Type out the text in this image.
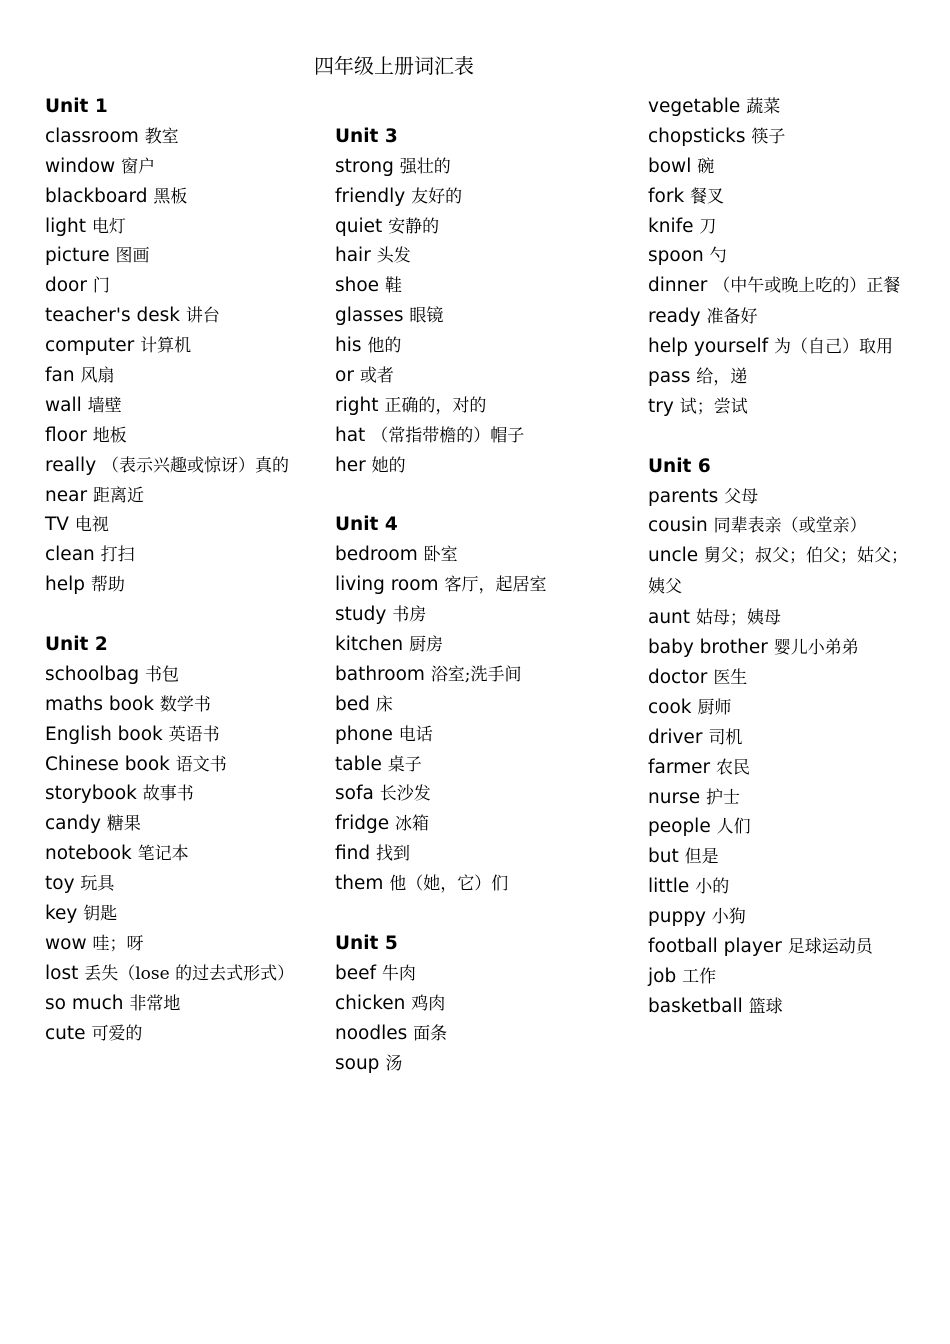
四年级上册词汇表
Unit 1
classroom 教室
window 窗户
blackboard 黑板
light 电灯
picture 图画
door 门
teacher's desk 讲台
computer 计算机
fan 风扇
wall 墙壁
floor 地板
really （表示兴趣或惊讶）真的
near 距离近
TV 电视
clean 打扫
help 帮助
Unit 2
schoolbag 书包
maths book 数学书
English book 英语书
Chinese book 语文书
storybook 故事书
candy 糖果
notebook 笔记本
toy 玩具
key 钥匙
wow 哇；呀
lost 丢失（lose 的过去式形式）
so much 非常地
cute 可爱的
Unit 3
strong 强壮的
friendly 友好的
quiet 安静的
hair 头发
shoe 鞋
glasses 眼镜
his 他的
or 或者
right 正确的，对的
hat （常指带檐的）帽子
her 她的
Unit 4
bedroom 卧室
living room 客厅，起居室
study 书房
kitchen 厨房
bathroom 浴室;洗手间
bed 床
phone 电话
table 桌子
sofa 长沙发
fridge 冰箱
find 找到
them 他（她，它）们
Unit 5
beef 牛肉
chicken 鸡肉
noodles 面条
soup 汤
vegetable 蔬菜
chopsticks 筷子
bowl 碗
fork 餐叉
knife 刀
spoon 勺
dinner （中午或晚上吃的）正餐
ready 准备好
help yourself 为（自己）取用
pass 给，递
try 试；尝试
Unit 6
parents 父母
cousin 同辈表亲（或堂亲）
uncle 舅父；叔父；伯父；姑父；姨父
aunt 姑母；姨母
baby brother 婴儿小弟弟
doctor 医生
cook 厨师
driver 司机
farmer 农民
nurse 护士
people 人们
but 但是
little 小的
puppy 小狗
football player 足球运动员
job 工作
basketball 篮球
